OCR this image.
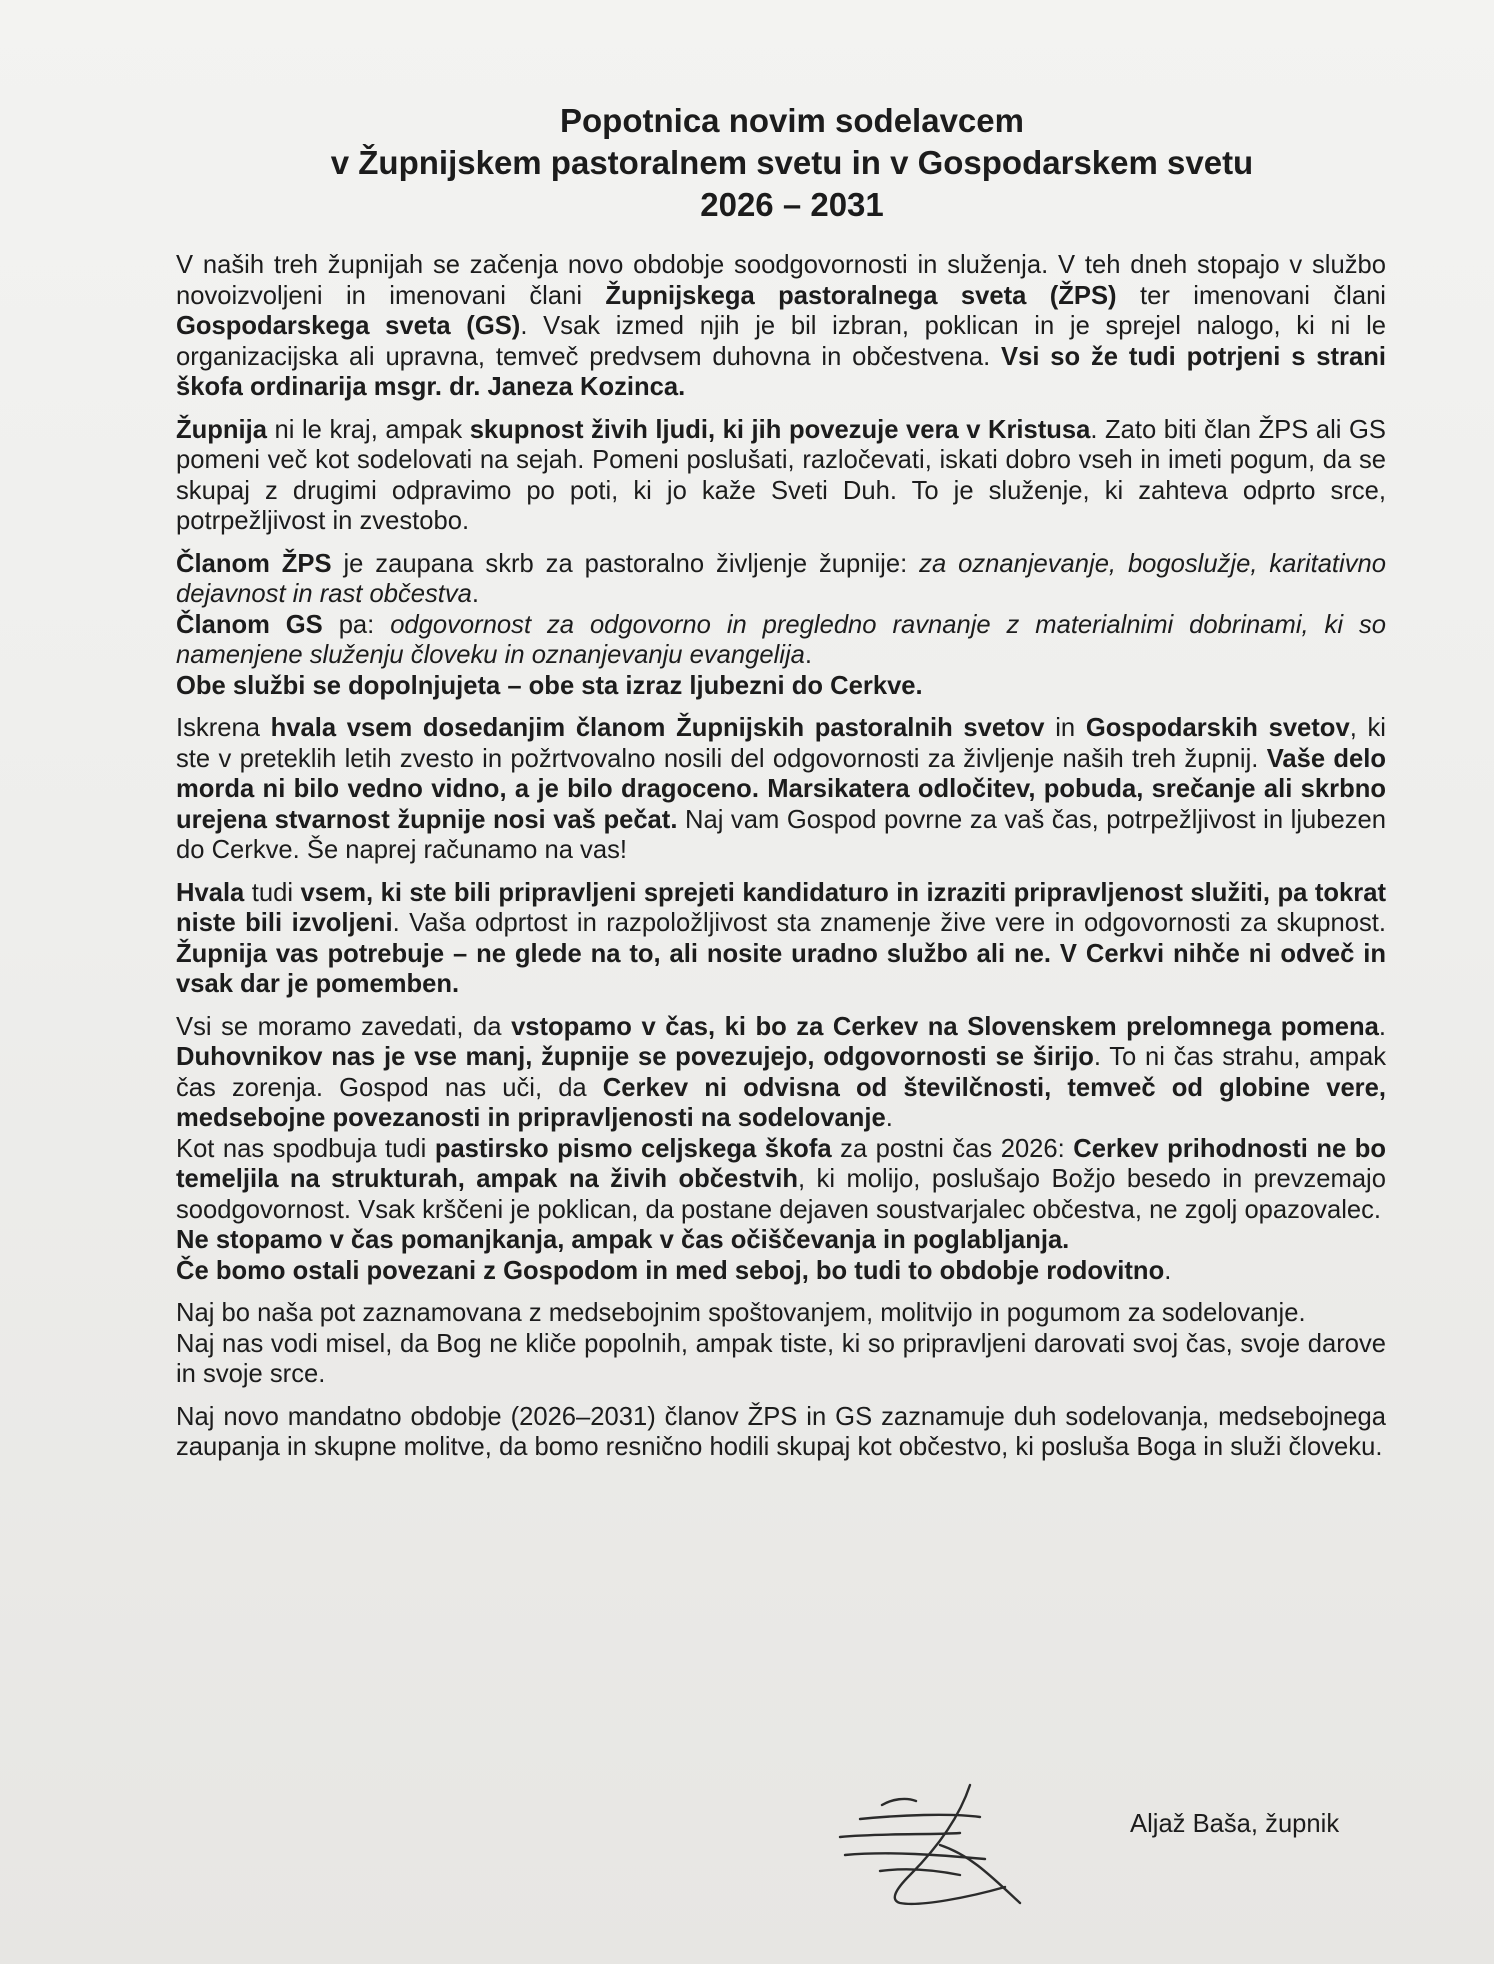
Popotnica novim sodelavcem
v Župnijskem pastoralnem svetu in v Gospodarskem svetu
2026 – 2031

V naših treh župnijah se začenja novo obdobje soodgovornosti in služenja. V teh dneh stopajo v službo novoizvoljeni in imenovani člani Župnijskega pastoralnega sveta (ŽPS) ter imenovani člani Gospodarskega sveta (GS). Vsak izmed njih je bil izbran, poklican in je sprejel nalogo, ki ni le organizacijska ali upravna, temveč predvsem duhovna in občestvena. Vsi so že tudi potrjeni s strani škofa ordinarija msgr. dr. Janeza Kozinca.

Župnija ni le kraj, ampak skupnost živih ljudi, ki jih povezuje vera v Kristusa. Zato biti član ŽPS ali GS pomeni več kot sodelovati na sejah. Pomeni poslušati, razločevati, iskati dobro vseh in imeti pogum, da se skupaj z drugimi odpravimo po poti, ki jo kaže Sveti Duh. To je služenje, ki zahteva odprto srce, potrpežljivost in zvestobo.

Članom ŽPS je zaupana skrb za pastoralno življenje župnije: za oznanjevanje, bogoslužje, karitativno dejavnost in rast občestva.

Članom GS pa: odgovornost za odgovorno in pregledno ravnanje z materialnimi dobrinami, ki so namenjene služenju človeku in oznanjevanju evangelija.

Obe službi se dopolnjujeta – obe sta izraz ljubezni do Cerkve.

Iskrena hvala vsem dosedanjim članom Župnijskih pastoralnih svetov in Gospodarskih svetov, ki ste v preteklih letih zvesto in požrtvovalno nosili del odgovornosti za življenje naših treh župnij. Vaše delo morda ni bilo vedno vidno, a je bilo dragoceno. Marsikatera odločitev, pobuda, srečanje ali skrbno urejena stvarnost župnije nosi vaš pečat. Naj vam Gospod povrne za vaš čas, potrpežljivost in ljubezen do Cerkve. Še naprej računamo na vas!

Hvala tudi vsem, ki ste bili pripravljeni sprejeti kandidaturo in izraziti pripravljenost služiti, pa tokrat niste bili izvoljeni. Vaša odprtost in razpoložljivost sta znamenje žive vere in odgovornosti za skupnost. Župnija vas potrebuje – ne glede na to, ali nosite uradno službo ali ne. V Cerkvi nihče ni odveč in vsak dar je pomemben.

Vsi se moramo zavedati, da vstopamo v čas, ki bo za Cerkev na Slovenskem prelomnega pomena. Duhovnikov nas je vse manj, župnije se povezujejo, odgovornosti se širijo. To ni čas strahu, ampak čas zorenja. Gospod nas uči, da Cerkev ni odvisna od številčnosti, temveč od globine vere, medsebojne povezanosti in pripravljenosti na sodelovanje.

Kot nas spodbuja tudi pastirsko pismo celjskega škofa za postni čas 2026: Cerkev prihodnosti ne bo temeljila na strukturah, ampak na živih občestvih, ki molijo, poslušajo Božjo besedo in prevzemajo soodgovornost. Vsak krščeni je poklican, da postane dejaven soustvarjalec občestva, ne zgolj opazovalec.

Ne stopamo v čas pomanjkanja, ampak v čas očiščevanja in poglabljanja.

Če bomo ostali povezani z Gospodom in med seboj, bo tudi to obdobje rodovitno.

Naj bo naša pot zaznamovana z medsebojnim spoštovanjem, molitvijo in pogumom za sodelovanje.

Naj nas vodi misel, da Bog ne kliče popolnih, ampak tiste, ki so pripravljeni darovati svoj čas, svoje darove in svoje srce.

Naj novo mandatno obdobje (2026–2031) članov ŽPS in GS zaznamuje duh sodelovanja, medsebojnega zaupanja in skupne molitve, da bomo resnično hodili skupaj kot občestvo, ki posluša Boga in služi človeku.

Aljaž Baša, župnik
